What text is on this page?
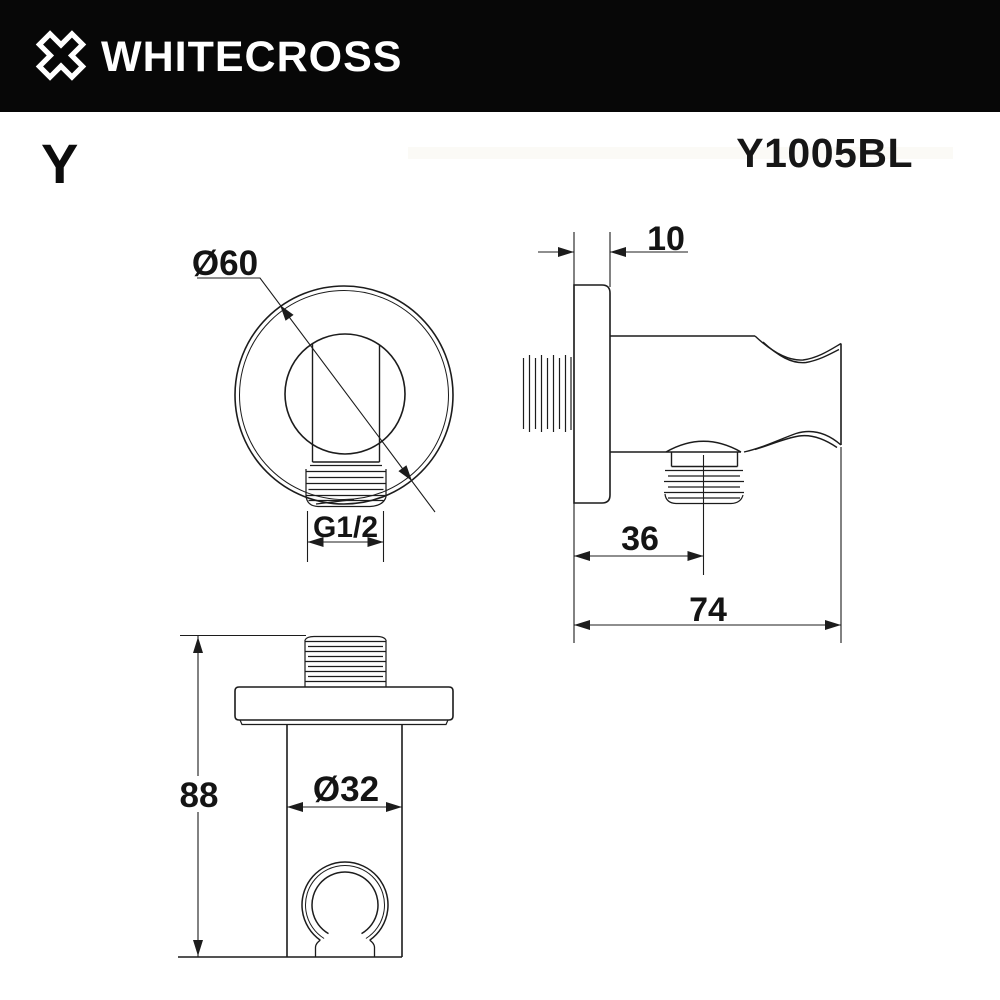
Ø60
G1/2
10
36
74
Ø32
88
WHITECROSS
Y	Y1005BL
